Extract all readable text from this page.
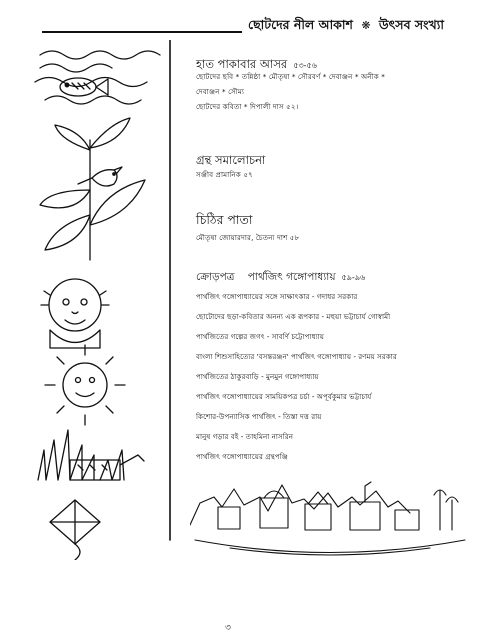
ছোটদের নীল আকাশ ❋ উৎসব সংখ্যা
হাত পাকাবার আসর ৫৩-৫৬
ছোটদের ছবি * তন্নিষ্ঠা * মৌতৃষা * সৌরবর্ণ * দেবাঞ্জন * অনীক *
দেবাঞ্জন * সৌম্য
ছোটদের কবিতা * দিপালী দাস ৫২।
গ্রন্থ সমালোচনা
সঞ্জীব প্রামানিক ৫৭
চিঠির পাতা
মৌতৃষা জোয়ারদার, চৈতন্য দাশ ৫৮
ক্রোড়পত্র পার্থজিৎ গঙ্গোপাধ্যায় ৫৯-৯৬
পার্থজিৎ গঙ্গোপাধ্যায়ের সঙ্গে সাক্ষাৎকার - গদাধর সরকার
ছোটোদের ছড়া-কবিতার অনন্য এক রূপকার - মহুয়া ভট্টাচার্য গোস্বামী
পার্থজিতের গল্পের জগৎ - সাবর্ণি চট্টোপাধ্যায়
বাংলা শিশুসাহিত্যের 'বসন্তরঞ্জন' পার্থজিৎ গঙ্গোপাধ্যায় - রণময় সরকার
পার্থজিতের ঠাকুরবাড়ি - মুনমুন গঙ্গোপাধ্যায়
পার্থজিৎ গঙ্গোপাধ্যায়ের সাময়িকপত্র চর্চা - অপূর্বকুমার ভট্টাচার্য
কিশোর-উপন্যাসিক পার্থজিৎ - তিস্তা দত্ত রায়
মানুষ গড়ার বই - তাহমিনা নাসরিন
পার্থজিৎ গঙ্গোপাধ্যায়ের গ্রন্থপঞ্জি
৩
